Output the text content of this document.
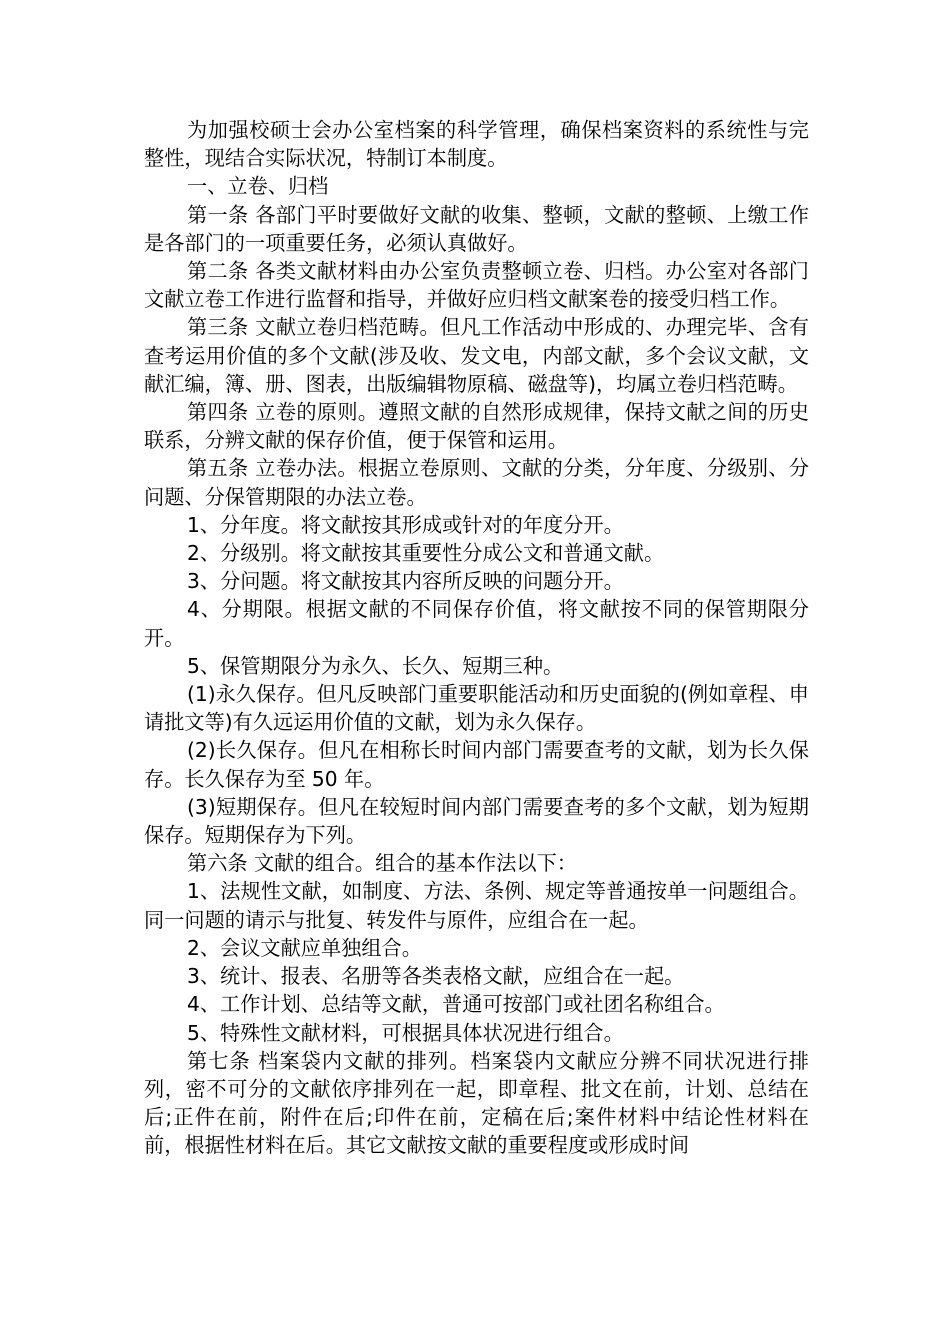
为加强校硕士会办公室档案的科学管理，确保档案资料的系统性与完整性，现结合实际状况，特制订本制度。

一、立卷、归档

第一条 各部门平时要做好文献的收集、整顿，文献的整顿、上缴工作是各部门的一项重要任务，必须认真做好。

第二条 各类文献材料由办公室负责整顿立卷、归档。办公室对各部门文献立卷工作进行监督和指导，并做好应归档文献案卷的接受归档工作。

第三条 文献立卷归档范畴。但凡工作活动中形成的、办理完毕、含有查考运用价值的多个文献(涉及收、发文电，内部文献，多个会议文献，文献汇编，簿、册、图表，出版编辑物原稿、磁盘等)，均属立卷归档范畴。

第四条 立卷的原则。遵照文献的自然形成规律，保持文献之间的历史联系，分辨文献的保存价值，便于保管和运用。

第五条 立卷办法。根据立卷原则、文献的分类，分年度、分级别、分问题、分保管期限的办法立卷。

1、分年度。将文献按其形成或针对的年度分开。

2、分级别。将文献按其重要性分成公文和普通文献。

3、分问题。将文献按其内容所反映的问题分开。

4、分期限。根据文献的不同保存价值，将文献按不同的保管期限分开。

5、保管期限分为永久、长久、短期三种。

(1)永久保存。但凡反映部门重要职能活动和历史面貌的(例如章程、申请批文等)有久远运用价值的文献，划为永久保存。

(2)长久保存。但凡在相称长时间内部门需要查考的文献，划为长久保存。长久保存为至 50 年。

(3)短期保存。但凡在较短时间内部门需要查考的多个文献，划为短期保存。短期保存为下列。

第六条 文献的组合。组合的基本作法以下：

1、法规性文献，如制度、方法、条例、规定等普通按单一问题组合。同一问题的请示与批复、转发件与原件，应组合在一起。

2、会议文献应单独组合。

3、统计、报表、名册等各类表格文献，应组合在一起。

4、工作计划、总结等文献，普通可按部门或社团名称组合。

5、特殊性文献材料，可根据具体状况进行组合。

第七条 档案袋内文献的排列。档案袋内文献应分辨不同状况进行排列，密不可分的文献依序排列在一起，即章程、批文在前，计划、总结在后;正件在前，附件在后;印件在前，定稿在后;案件材料中结论性材料在前，根据性材料在后。其它文献按文献的重要程度或形成时间
